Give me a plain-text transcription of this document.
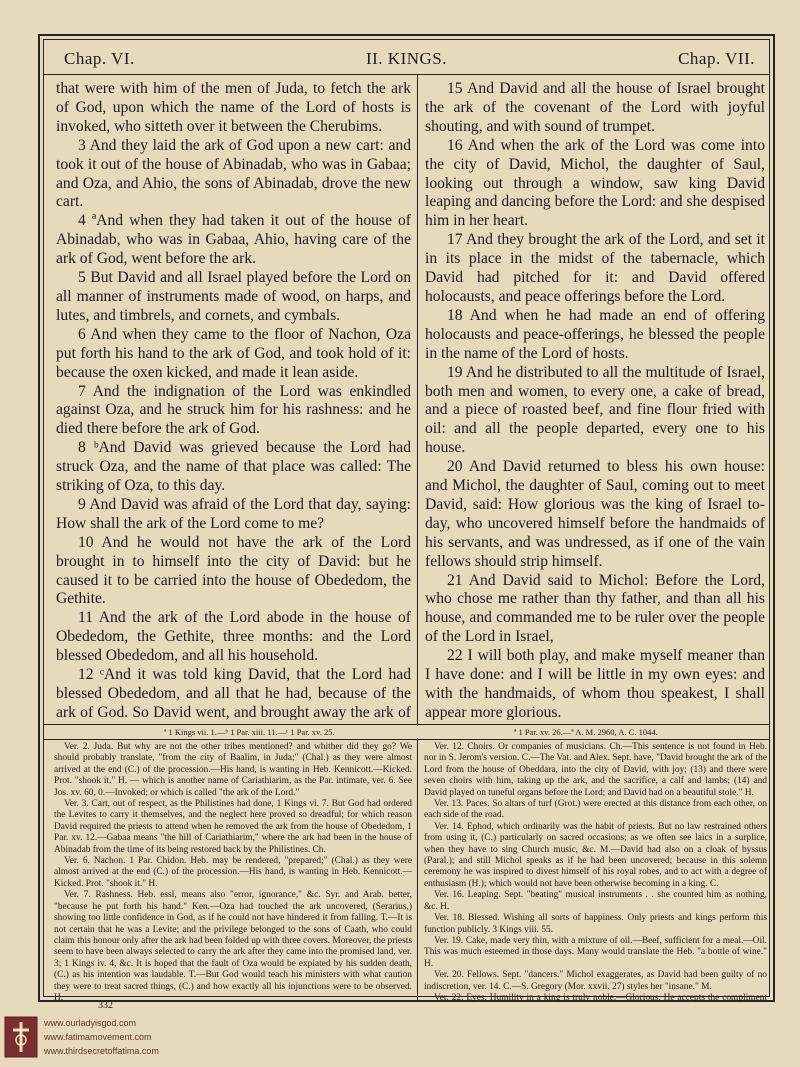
Chap. VI.	II. KINGS.	Chap. VII.

that were with him of the men of Juda, to fetch the ark of God, upon which the name of the Lord of hosts is invoked, who sitteth over it between the Cherubims.

3 And they laid the ark of God upon a new cart: and took it out of the house of Abinadab, who was in Gabaa; and Oza, and Ahio, the sons of Abinadab, drove the new cart.

4 ªAnd when they had taken it out of the house of Abinadab, who was in Gabaa, Ahio, having care of the ark of God, went before the ark.

5 But David and all Israel played before the Lord on all manner of instruments made of wood, on harps, and lutes, and timbrels, and cornets, and cymbals.

6 And when they came to the floor of Nachon, Oza put forth his hand to the ark of God, and took hold of it: because the oxen kicked, and made it lean aside.

7 And the indignation of the Lord was enkindled against Oza, and he struck him for his rashness: and he died there before the ark of God.

8 ᵇAnd David was grieved because the Lord had struck Oza, and the name of that place was called: The striking of Oza, to this day.

9 And David was afraid of the Lord that day, saying: How shall the ark of the Lord come to me?

10 And he would not have the ark of the Lord brought in to himself into the city of David: but he caused it to be carried into the house of Obededom, the Gethite.

11 And the ark of the Lord abode in the house of Obededom, the Gethite, three months: and the Lord blessed Obededom, and all his household.

12 ᶜAnd it was told king David, that the Lord had blessed Obededom, and all that he had, because of the ark of God. So David went, and brought away the ark of

15 And David and all the house of Israel brought the ark of the covenant of the Lord with joyful shouting, and with sound of trumpet.

16 And when the ark of the Lord was come into the city of David, Michol, the daughter of Saul, looking out through a window, saw king David leaping and dancing before the Lord: and she despised him in her heart.

17 And they brought the ark of the Lord, and set it in its place in the midst of the tabernacle, which David had pitched for it: and David offered holocausts, and peace offerings before the Lord.

18 And when he had made an end of offering holocausts and peace-offerings, he blessed the people in the name of the Lord of hosts.

19 And he distributed to all the multitude of Israel, both men and women, to every one, a cake of bread, and a piece of roasted beef, and fine flour fried with oil: and all the people departed, every one to his house.

20 And David returned to bless his own house: and Michol, the daughter of Saul, coming out to meet David, said: How glorious was the king of Israel to-day, who uncovered himself before the handmaids of his servants, and was undressed, as if one of the vain fellows should strip himself.

21 And David said to Michol: Before the Lord, who chose me rather than thy father, and than all his house, and commanded me to be ruler over the people of the Lord in Israel,

22 I will both play, and make myself meaner than I have done: and I will be little in my own eyes: and with the handmaids, of whom thou speakest, I shall appear more glorious.

ª 1 Kings vii. 1.—ᵇ 1 Par. xiii. 11.—ᶜ 1 Par. xv. 25.	ª 1 Par. xv. 26.—ª A. M. 2960, A. C. 1044.

Ver. 2. Juda. But why are not the other tribes mentioned? and whither did they go? We should probably translate, "from the city of Baalim, in Juda;" (Chal.) as they were almost arrived at the end (C.) of the procession.—His hand, is wanting in Heb. Kennicott.—Kicked. Prot. "shook it." H. — which is another name of Cariathiarim, as the Par. intimate, ver. 6. See Jos. xv. 60, 0.—Invoked; or which is called "the ark of the Lord."

Ver. 3. Cart, out of respect, as the Philistines had done, 1 Kings vi. 7. But God had ordered the Levites to carry it themselves, and the neglect here proved so dreadful; for which reason David required the priests to attend when he removed the ark from the house of Obededom, 1 Par. xv. 12.—Gabaa means "the hill of Cariathiarim," where the ark had been in the house of Abinadab from the time of its being restored back by the Philistines. Ch.

Ver. 6. Nachon. 1 Par. Chidon. Heb. may be rendered, "prepared;" (Chal.) as they were almost arrived at the end (C.) of the procession.—His hand, is wanting in Heb. Kennicott.—Kicked. Prot. "shook it." H.

Ver. 7. Rashness. Heb. essl, means also "error, ignorance," &c. Syr. and Arab. better, "because he put forth his hand." Ken.—Oza had touched the ark uncovered, (Serarius,) showing too little confidence in God, as if he could not have hindered it from falling. T.—It is not certain that he was a Levite; and the privilege belonged to the sons of Caath, who could claim this honour only after the ark had been folded up with three covers. Moreover, the priests seem to have been always selected to carry the ark after they came into the promised land, ver. 3; 1 Kings iv. 4, &c. It is hoped that the fault of Oza would be expiated by his sudden death, (C.) as his intention was laudable. T.—But God would teach his ministers with what caution they were to treat sacred things, (C.) and how exactly all his injunctions were to be observed. H.

Ver. 12. Choirs. Or companies of musicians. Ch.—This sentence is not found in Heb. nor in S. Jerom's version. C.—The Vat. and Alex. Sept. have, "David brought the ark of the Lord from the house of Obeddara, into the city of David, with joy; (13) and there were seven choirs with him, taking up the ark, and the sacrifice, a calf and lambs; (14) and David played on tuneful organs before the Lord; and David had on a beautiful stole." H.

Ver. 13. Paces. So altars of turf (Grot.) were erected at this distance from each other, on each side of the road.

Ver. 14. Ephod, which ordinarily was the habit of priests. But no law restrained others from using it, (C.) particularly on sacred occasions; as we often see laics in a surplice, when they have to sing Church music, &c. M.—David had also on a cloak of byssus (Paral.); and still Michol speaks as if he had been uncovered; because in this solemn ceremony he was inspired to divest himself of his royal robes, and to act with a degree of enthusiasm (H.); which would not have been otherwise becoming in a king. C.

Ver. 16. Leaping. Sept. "beating" musical instruments . . she counted him as nothing, &c. H.

Ver. 18. Blessed. Wishing all sorts of happiness. Only priests and kings perform this function publicly. 3 Kings viii. 55.

Ver. 19. Cake, made very thin, with a mixture of oil.—Beef, sufficient for a meal.—Oil. This was much esteemed in those days. Many would translate the Heb. "a bottle of wine." H.

Ver. 20. Fellows. Sept. "dancers." Michol exaggerates, as David had been guilty of no indiscretion, ver. 14. C.—S. Gregory (Mor. xxvii. 27) styles her "insane." M.

Ver. 22. Eyes. Humility in a king is truly noble.—Glorious. He accepts the compliment

332
www.ourladyisgod.com
www.fatimamovement.com
www.thirdsecretoffatima.com
